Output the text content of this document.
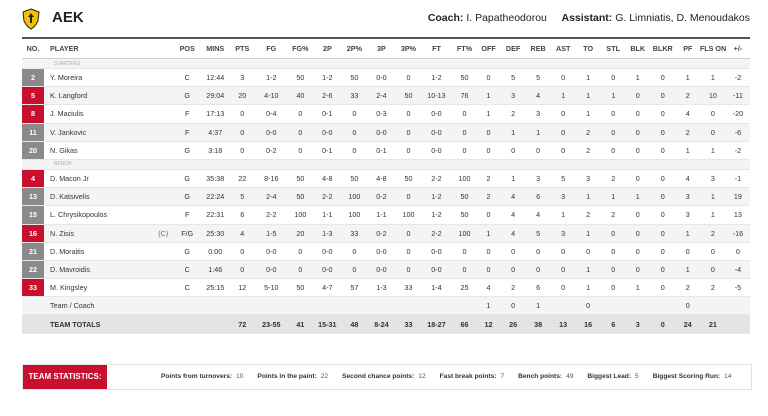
AEK	Coach: I. Papatheodorou Assistant: G. Limniatis, D. Menoudakos
NO.	PLAYER	POS	MINS	PTS	FG	FG%	2P	2P%	3P	3P%	FT	FT%	OFF	DEF	REB	AST	TO	STL	BLK	BLKR	PF	FLS ON	+/-
STARTERS																							
2	Y. Moreira	C	12:44	3	1-2	50	1-2	50	0-0	0	1-2	50	0	5	5	0	1	0	1	0	1	1	-2
5	K. Langford	G	29:04	20	4-10	40	2-6	33	2-4	50	10-13	76	1	3	4	1	1	1	0	0	2	10	-11
8	J. Maciulis	F	17:13	0	0-4	0	0-1	0	0-3	0	0-0	0	1	2	3	0	1	0	0	0	4	0	-20
11	V. Jankovic	F	4:37	0	0-0	0	0-0	0	0-0	0	0-0	0	0	1	1	0	2	0	0	0	2	0	-6
20	N. Gikas	G	3:18	0	0-2	0	0-1	0	0-1	0	0-0	0	0	0	0	0	2	0	0	0	1	1	-2
BENCH																							
4	D. Macon Jr	G	35:38	22	8-16	50	4-8	50	4-8	50	2-2	100	2	1	3	5	3	2	0	0	4	3	-1
13	D. Katsivelis	G	22:24	5	2-4	50	2-2	100	0-2	0	1-2	50	2	4	6	3	1	1	1	0	3	1	19
15	L. Chrysikopoulos	F	22:31	6	2-2	100	1-1	100	1-1	100	1-2	50	0	4	4	1	2	2	0	0	3	1	13
16	N. Zisis (C)	F/G	25:30	4	1-5	20	1-3	33	0-2	0	2-2	100	1	4	5	3	1	0	0	0	1	2	-16
21	D. Moraitis	G	0:00	0	0-0	0	0-0	0	0-0	0	0-0	0	0	0	0	0	0	0	0	0	0	0	0
22	D. Mavroidis	C	1:46	0	0-0	0	0-0	0	0-0	0	0-0	0	0	0	0	0	1	0	0	0	1	0	-4
33	M. Kingsley	C	25:15	12	5-10	50	4-7	57	1-3	33	1-4	25	4	2	6	0	1	0	1	0	2	2	-5
	Team / Coach												1	0	1		0				0		
	TEAM TOTALS			72	23-55	41	15-31	48	8-24	33	18-27	66	12	26	38	13	16	6	3	0	24	21	
TEAM STATISTICS:	Points from turnovers: 10 Points in the paint: 22 Second chance points: 12 Fast break points: 7 Bench points: 49 Biggest Lead: 5 Biggest Scoring Run: 14
